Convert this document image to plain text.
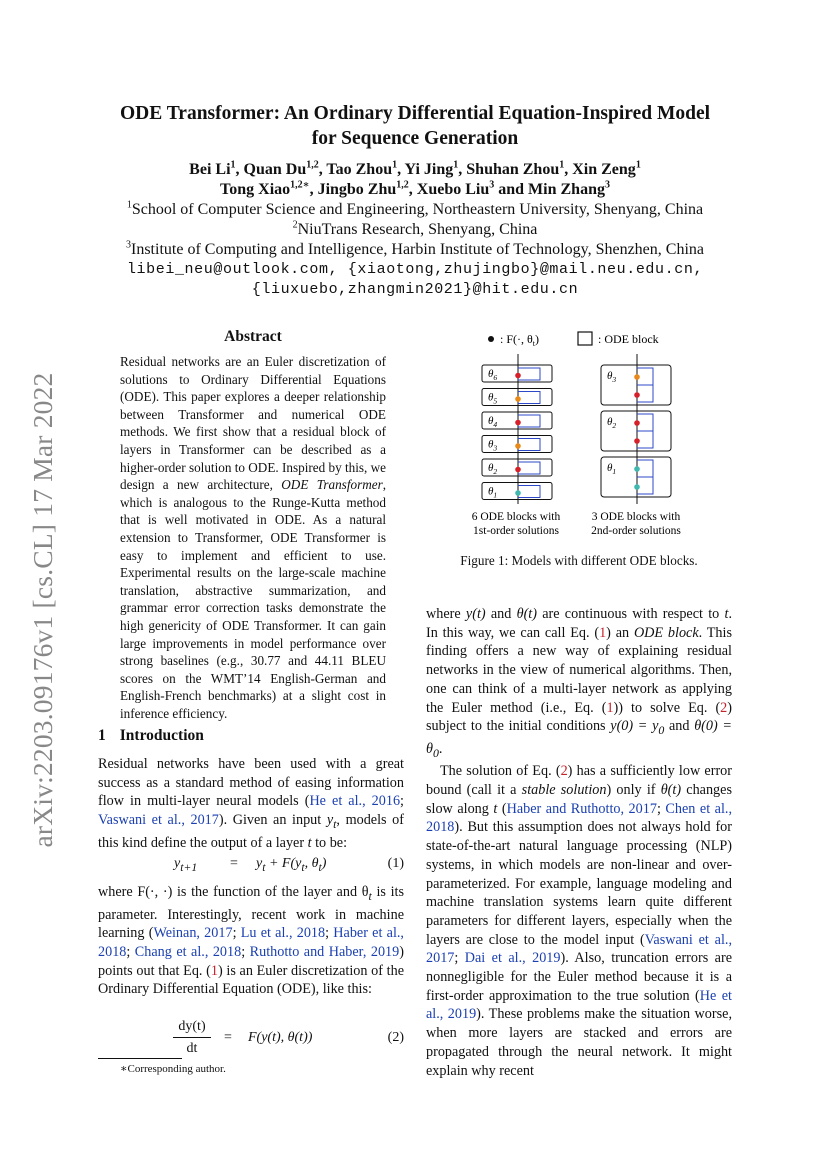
arXiv:2203.09176v1 [cs.CL] 17 Mar 2022
ODE Transformer: An Ordinary Differential Equation-Inspired Model
for Sequence Generation
Bei Li$^1$, Quan Du$^{1,2}$, Tao Zhou$^1$, Yi Jing$^1$, Shuhan Zhou$^1$, Xin Zeng$^1$
Tong Xiao$^{1,2∗}$, Jingbo Zhu$^{1,2}$, Xuebo Liu$^3$ and Min Zhang$^3$
$^1$School of Computer Science and Engineering, Northeastern University, Shenyang, China
$^2$NiuTrans Research, Shenyang, China
$^3$Institute of Computing and Intelligence, Harbin Institute of Technology, Shenzhen, China
libei_neu@outlook.com, {xiaotong,zhujingbo}@mail.neu.edu.cn,
{liuxuebo,zhangmin2021}@hit.edu.cn
Abstract
Residual networks are an Euler discretization of solutions to Ordinary Differential Equations (ODE). This paper explores a deeper relationship between Transformer and numerical ODE methods. We first show that a residual block of layers in Transformer can be described as a higher-order solution to ODE. Inspired by this, we design a new architecture, ODE Transformer, which is analogous to the Runge-Kutta method that is well motivated in ODE. As a natural extension to Transformer, ODE Transformer is easy to implement and efficient to use. Experimental results on the large-scale machine translation, abstractive summarization, and grammar error correction tasks demonstrate the high genericity of ODE Transformer. It can gain large improvements in model performance over strong baselines (e.g., 30.77 and 44.11 BLEU scores on the WMT’14 English-German and English-French benchmarks) at a slight cost in inference efficiency.
1 Introduction
Residual networks have been used with a great success as a standard method of easing information flow in multi-layer neural models (He et al., 2016; Vaswani et al., 2017). Given an input $y_t$, models of this kind define the output of a layer t to be:
$y_{t+1} = y_t + F(y_t$, $\theta_t$)	(1)
where F(·, ·) is the function of the layer and $\theta_t$ is its parameter. Interestingly, recent work in machine learning (Weinan, 2017; Lu et al., 2018; Haber et al., 2018; Chang et al., 2018; Ruthotto and Haber, 2019) points out that Eq. (1) is an Euler discretization of the Ordinary Differential Equation (ODE), like this:
dy(t)
dt
= F(y(t), θ(t))	(2)
∗Corresponding author.
: F(·, $\theta_t$)	: ODE block
$\theta_6$
$\theta_5$
$\theta_4$
$\theta_3$
$\theta_2$
$\theta_1$
$\theta_3$
$\theta_2$
$\theta_1$
6 ODE blocks with
1st-order solutions
3 ODE blocks with
2nd-order solutions
Figure 1: Models with different ODE blocks.
where y(t) and θ(t) are continuous with respect to t. In this way, we can call Eq. (1) an ODE block. This finding offers a new way of explaining residual networks in the view of numerical algorithms. Then, one can think of a multi-layer network as applying the Euler method (i.e., Eq. (1)) to solve Eq. (2) subject to the initial conditions $y(0) = y_0$ and $\theta(0) = \theta_0$.
The solution of Eq. (2) has a sufficiently low error bound (call it a stable solution) only if θ(t) changes slow along t (Haber and Ruthotto, 2017; Chen et al., 2018). But this assumption does not always hold for state-of-the-art natural language processing (NLP) systems, in which models are non-linear and over-parameterized. For example, language modeling and machine translation systems learn quite different parameters for different layers, especially when the layers are close to the model input (Vaswani et al., 2017; Dai et al., 2019). Also, truncation errors are nonnegligible for the Euler method because it is a first-order approximation to the true solution (He et al., 2019). These problems make the situation worse, when more layers are stacked and errors are propagated through the neural network. It might explain why recent
